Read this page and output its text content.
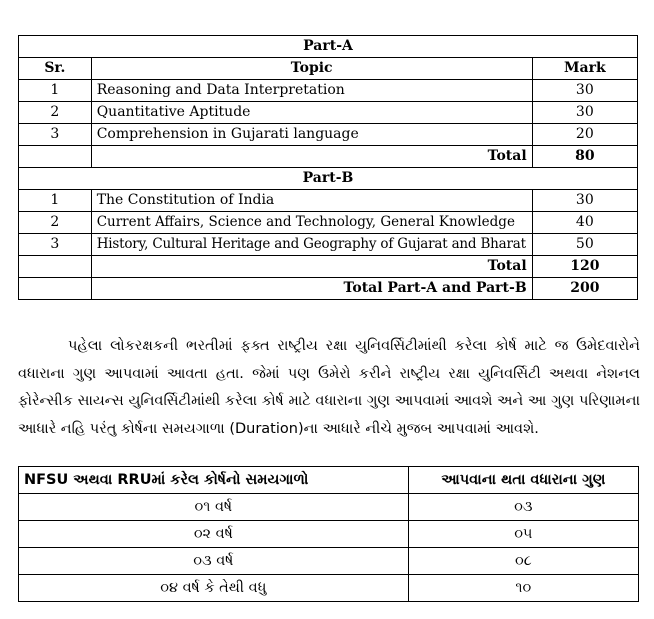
Part-A		
Sr.	Topic	Mark
1	Reasoning and Data Interpretation	30
2	Quantitative Aptitude	30
3	Comprehension in Gujarati language	20
	Total	80
Part-B		
1	The Constitution of India	30
2	Current Affairs, Science and Technology, General Knowledge	40
3	History, Cultural Heritage and Geography of Gujarat and Bharat	50
	Total	120
	Total Part-A and Part-B	200

પહેલા લોકરક્ષકની ભરતીમાં ફક્ત રાષ્ટ્રીય રક્ષા યુનિવર્સિટીમાંથી કરેલા કોર્ષ માટે જ ઉમેદવારોને વધારાના ગુણ આપવામાં આવતા હતા. જેમાં પણ ઉમેરો કરીને રાષ્ટ્રીય રક્ષા યુનિવર્સિટી અથવા નેશનલ ફોરેન્સીક સાયન્સ યુનિવર્સિટીમાંથી કરેલા કોર્ષ માટે વધારાના ગુણ આપવામાં આવશે અને આ ગુણ પરિણામના આધારે નહિ પરંતુ કોર્ષના સમયગાળા (Duration)ના આધારે નીચે મુજબ આપવામાં આવશે.

NFSU અથવા RRUમાં કરેલ કોર્ષનો સમયગાળો	આપવાના થતા વધારાના ગુણ
૦૧ વર્ષ	૦૩
૦૨ વર્ષ	૦૫
૦૩ વર્ષ	૦૮
૦૪ વર્ષ કે તેથી વધુ	૧૦
